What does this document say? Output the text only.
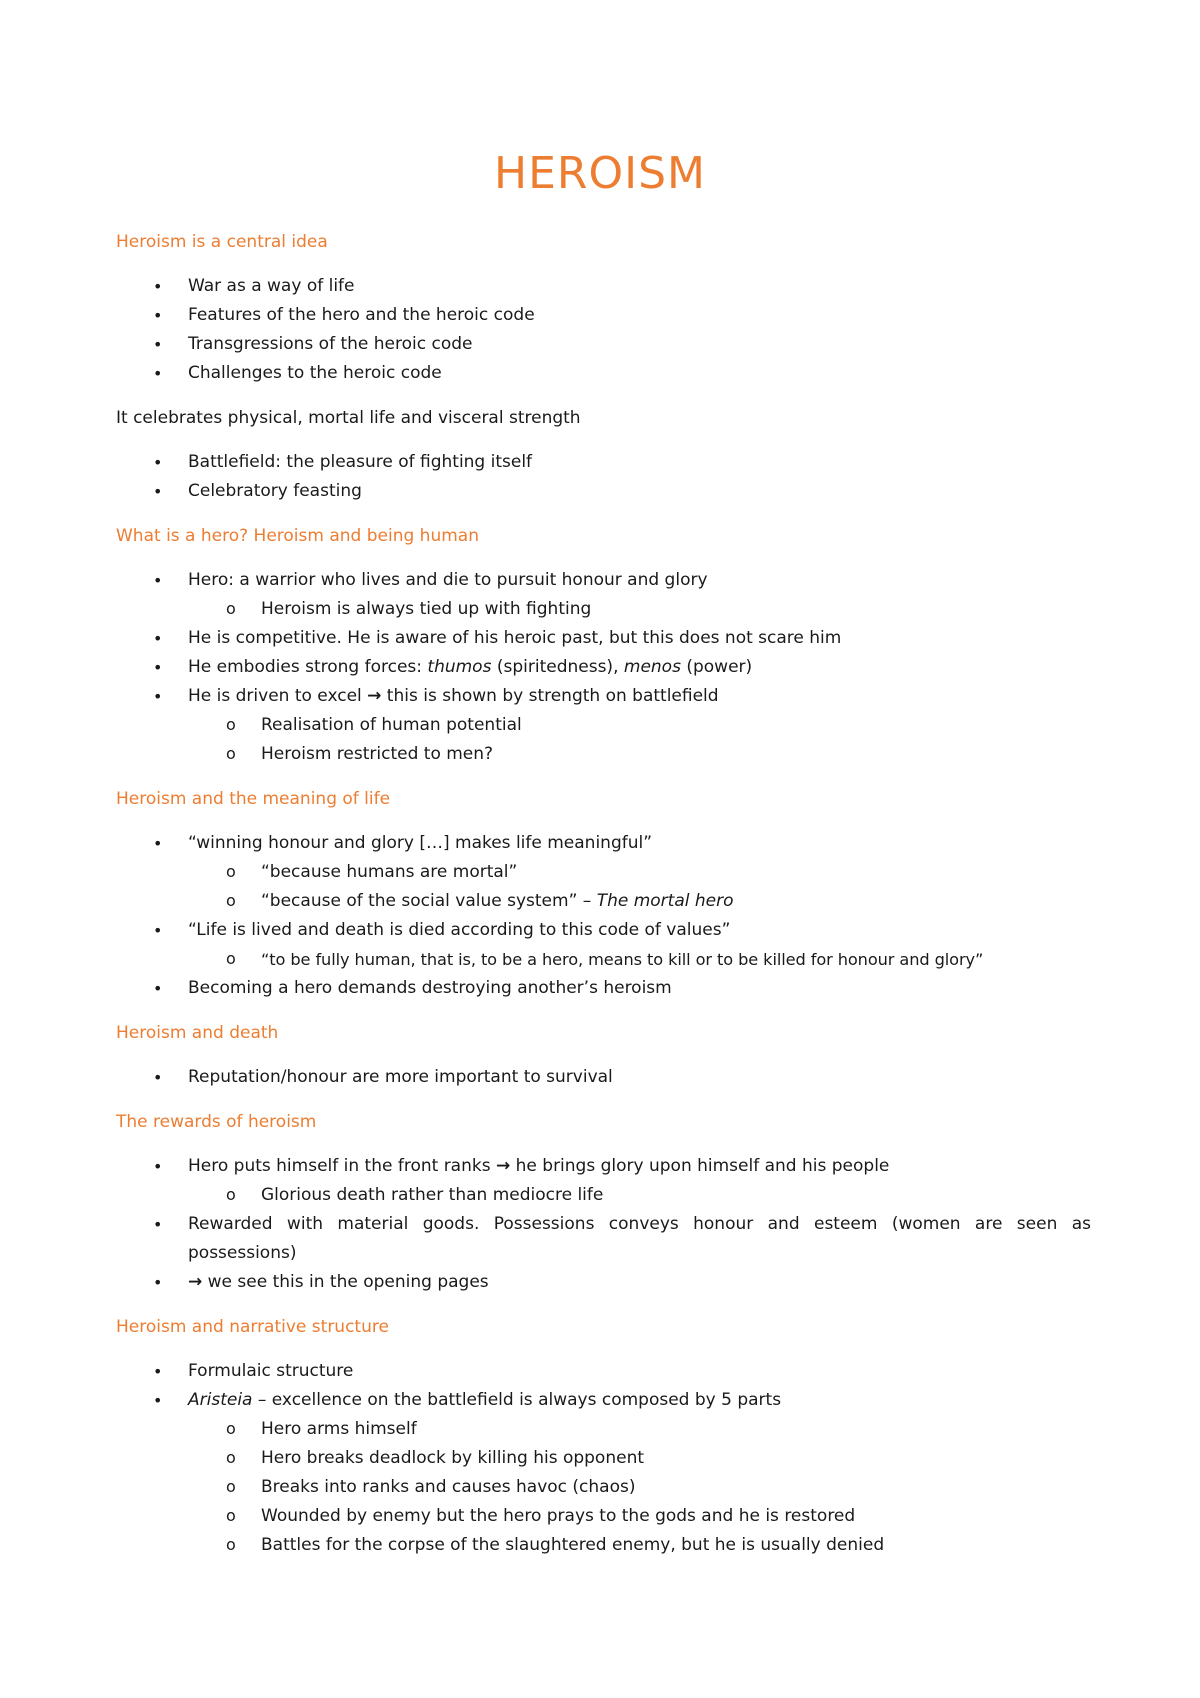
HEROISM

Heroism is a central idea

• War as a way of life
• Features of the hero and the heroic code
• Transgressions of the heroic code
• Challenges to the heroic code

It celebrates physical, mortal life and visceral strength

• Battlefield: the pleasure of fighting itself
• Celebratory feasting

What is a hero? Heroism and being human

• Hero: a warrior who lives and die to pursuit honour and glory
o Heroism is always tied up with fighting
• He is competitive. He is aware of his heroic past, but this does not scare him
• He embodies strong forces: thumos (spiritedness), menos (power)
• He is driven to excel → this is shown by strength on battlefield
o Realisation of human potential
o Heroism restricted to men?

Heroism and the meaning of life

• “winning honour and glory […] makes life meaningful”
o “because humans are mortal”
o “because of the social value system” – The mortal hero
• “Life is lived and death is died according to this code of values”
o “to be fully human, that is, to be a hero, means to kill or to be killed for honour and glory”
• Becoming a hero demands destroying another’s heroism

Heroism and death

• Reputation/honour are more important to survival

The rewards of heroism

• Hero puts himself in the front ranks → he brings glory upon himself and his people
o Glorious death rather than mediocre life
• Rewarded with material goods. Possessions conveys honour and esteem (women are seen as possessions)
• → we see this in the opening pages

Heroism and narrative structure

• Formulaic structure
• Aristeia – excellence on the battlefield is always composed by 5 parts
o Hero arms himself
o Hero breaks deadlock by killing his opponent
o Breaks into ranks and causes havoc (chaos)
o Wounded by enemy but the hero prays to the gods and he is restored
o Battles for the corpse of the slaughtered enemy, but he is usually denied
